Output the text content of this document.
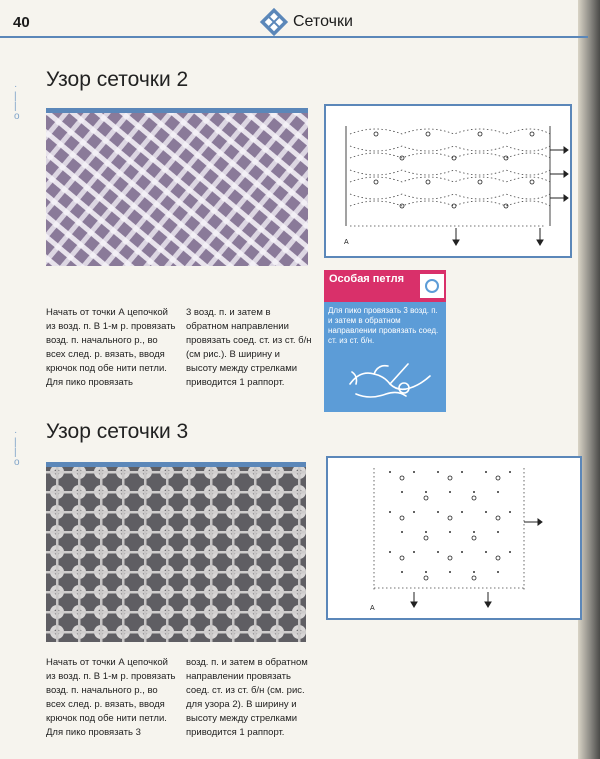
40	Сеточки
·
|
|
o
Узор сеточки 2
A
Начать от точки А цепочкой из возд. п. В 1-м р. провязать возд. п. начального р., во всех след. р. вязать, вводя крючок под обе нити петли. Для пико провязать
3 возд. п. и затем в обратном направлении провязать соед. ст. из ст. б/н (см рис.). В ширину и высоту между стрелками приводится 1 раппорт.
Особая петля
Для пико провязать 3 возд. п. и затем в обратном направлении провязать соед. ст. из ст. б/н.
·
|
|
o
Узор сеточки 3
A
Начать от точки А цепочкой из возд. п. В 1-м р. провязать возд. п. начального р., во всех след. р. вязать, вводя крючок под обе нити петли. Для пико провязать 3
возд. п. и затем в обратном направлении провязать соед. ст. из ст. б/н (см. рис. для узора 2). В ширину и высоту между стрелками приводится 1 раппорт.
